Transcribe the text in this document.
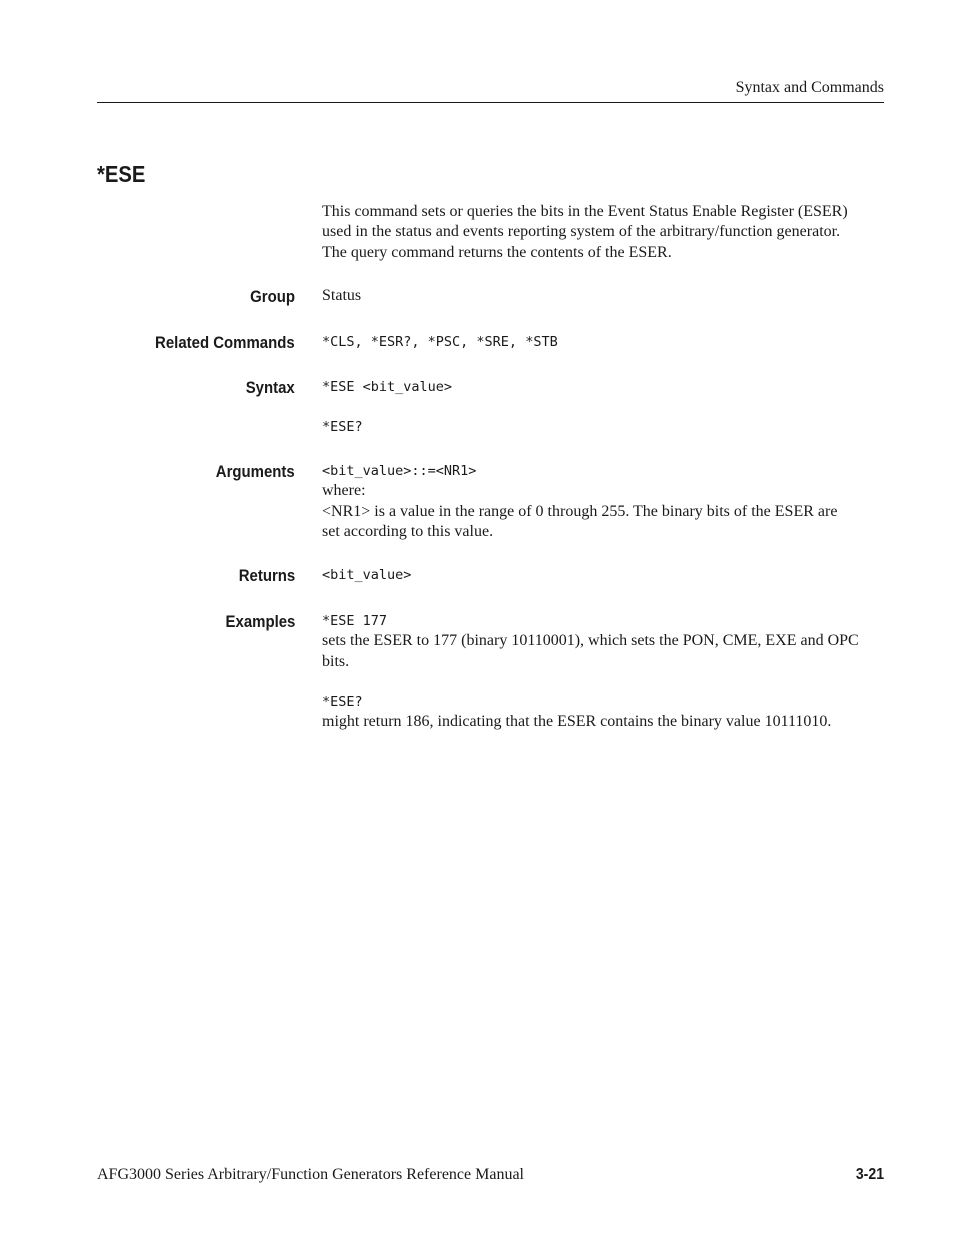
Syntax and Commands
*ESE
This command sets or queries the bits in the Event Status Enable Register (ESER)
used in the status and events reporting system of the arbitrary/function generator.
The query command returns the contents of the ESER.
Group Status
Related Commands *CLS, *ESR?, *PSC, *SRE, *STB
Syntax *ESE <bit_value>
*ESE?
Arguments <bit_value>::=<NR1>
where:
<NR1> is a value in the range of 0 through 255. The binary bits of the ESER are
set according to this value.
Returns <bit_value>
Examples *ESE 177
sets the ESER to 177 (binary 10110001), which sets the PON, CME, EXE and OPC
bits.
*ESE?
might return 186, indicating that the ESER contains the binary value 10111010.
AFG3000 Series Arbitrary/Function Generators Reference Manual	3-21
